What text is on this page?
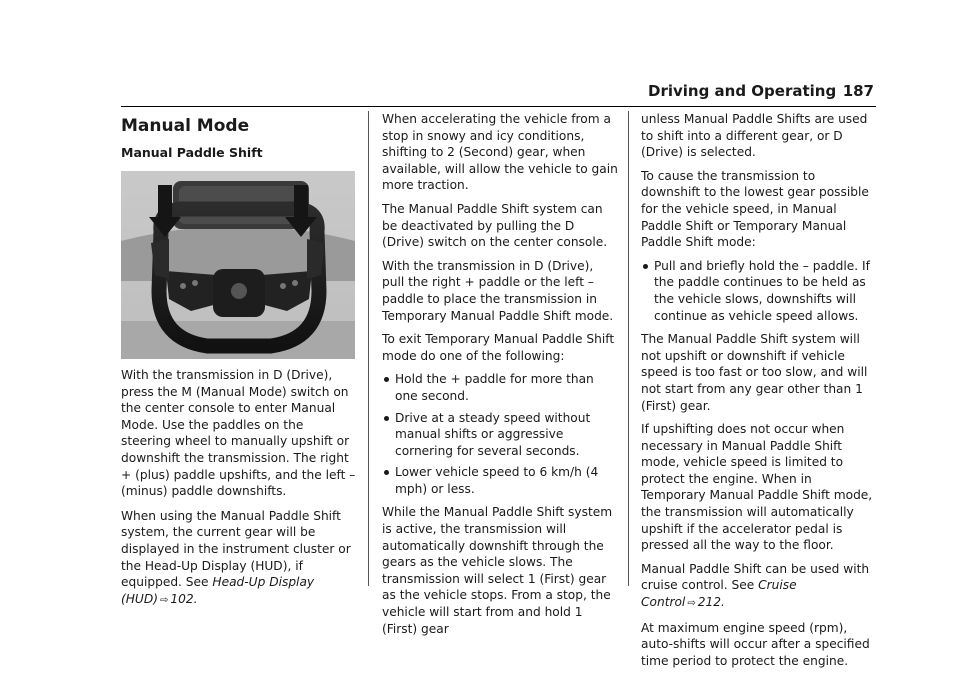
Driving and Operating 187
Manual Mode
Manual Paddle Shift

With the transmission in D (Drive), press the M (Manual Mode) switch on the center console to enter Manual Mode. Use the paddles on the steering wheel to manually upshift or downshift the transmission. The right + (plus) paddle upshifts, and the left – (minus) paddle downshifts.

When using the Manual Paddle Shift system, the current gear will be displayed in the instrument cluster or the Head-Up Display (HUD), if equipped. See Head-Up Display (HUD) ⇨ 102.

When accelerating the vehicle from a stop in snowy and icy conditions, shifting to 2 (Second) gear, when available, will allow the vehicle to gain more traction.

The Manual Paddle Shift system can be deactivated by pulling the D (Drive) switch on the center console.

With the transmission in D (Drive), pull the right + paddle or the left – paddle to place the transmission in Temporary Manual Paddle Shift mode.

To exit Temporary Manual Paddle Shift mode do one of the following:

Hold the + paddle for more than one second.
Drive at a steady speed without manual shifts or aggressive cornering for several seconds.
Lower vehicle speed to 6 km/h (4 mph) or less.

While the Manual Paddle Shift system is active, the transmission will automatically downshift through the gears as the vehicle slows. The transmission will select 1 (First) gear as the vehicle stops. From a stop, the vehicle will start from and hold 1 (First) gear

unless Manual Paddle Shifts are used to shift into a different gear, or D (Drive) is selected.

To cause the transmission to downshift to the lowest gear possible for the vehicle speed, in Manual Paddle Shift or Temporary Manual Paddle Shift mode:

Pull and briefly hold the – paddle. If the paddle continues to be held as the vehicle slows, downshifts will continue as vehicle speed allows.

The Manual Paddle Shift system will not upshift or downshift if vehicle speed is too fast or too slow, and will not start from any gear other than 1 (First) gear.

If upshifting does not occur when necessary in Manual Paddle Shift mode, vehicle speed is limited to protect the engine. When in Temporary Manual Paddle Shift mode, the transmission will automatically upshift if the accelerator pedal is pressed all the way to the floor.

Manual Paddle Shift can be used with cruise control. See Cruise Control ⇨ 212.

At maximum engine speed (rpm), auto-shifts will occur after a specified time period to protect the engine.
